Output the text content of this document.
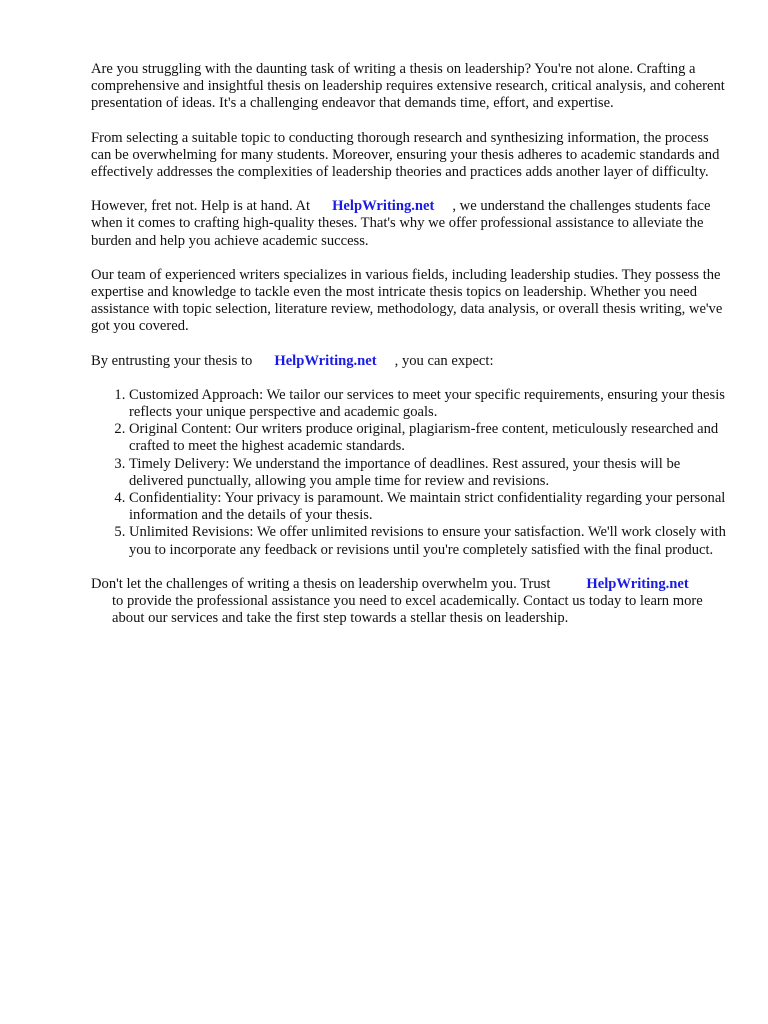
Are you struggling with the daunting task of writing a thesis on leadership? You're not alone. Crafting a comprehensive and insightful thesis on leadership requires extensive research, critical analysis, and coherent presentation of ideas. It's a challenging endeavor that demands time, effort, and expertise.

From selecting a suitable topic to conducting thorough research and synthesizing information, the process can be overwhelming for many students. Moreover, ensuring your thesis adheres to academic standards and effectively addresses the complexities of leadership theories and practices adds another layer of difficulty.

However, fret not. Help is at hand. At HelpWriting.net , we understand the challenges students face when it comes to crafting high-quality theses. That's why we offer professional assistance to alleviate the burden and help you achieve academic success.

Our team of experienced writers specializes in various fields, including leadership studies. They possess the expertise and knowledge to tackle even the most intricate thesis topics on leadership. Whether you need assistance with topic selection, literature review, methodology, data analysis, or overall thesis writing, we've got you covered.

By entrusting your thesis to HelpWriting.net , you can expect:

1. Customized Approach: We tailor our services to meet your specific requirements, ensuring your thesis reflects your unique perspective and academic goals.
2. Original Content: Our writers produce original, plagiarism-free content, meticulously researched and crafted to meet the highest academic standards.
3. Timely Delivery: We understand the importance of deadlines. Rest assured, your thesis will be delivered punctually, allowing you ample time for review and revisions.
4. Confidentiality: Your privacy is paramount. We maintain strict confidentiality regarding your personal information and the details of your thesis.
5. Unlimited Revisions: We offer unlimited revisions to ensure your satisfaction. We'll work closely with you to incorporate any feedback or revisions until you're completely satisfied with the final product.

Don't let the challenges of writing a thesis on leadership overwhelm you. Trust HelpWriting.net
to provide the professional assistance you need to excel academically. Contact us today to learn more about our services and take the first step towards a stellar thesis on leadership.
